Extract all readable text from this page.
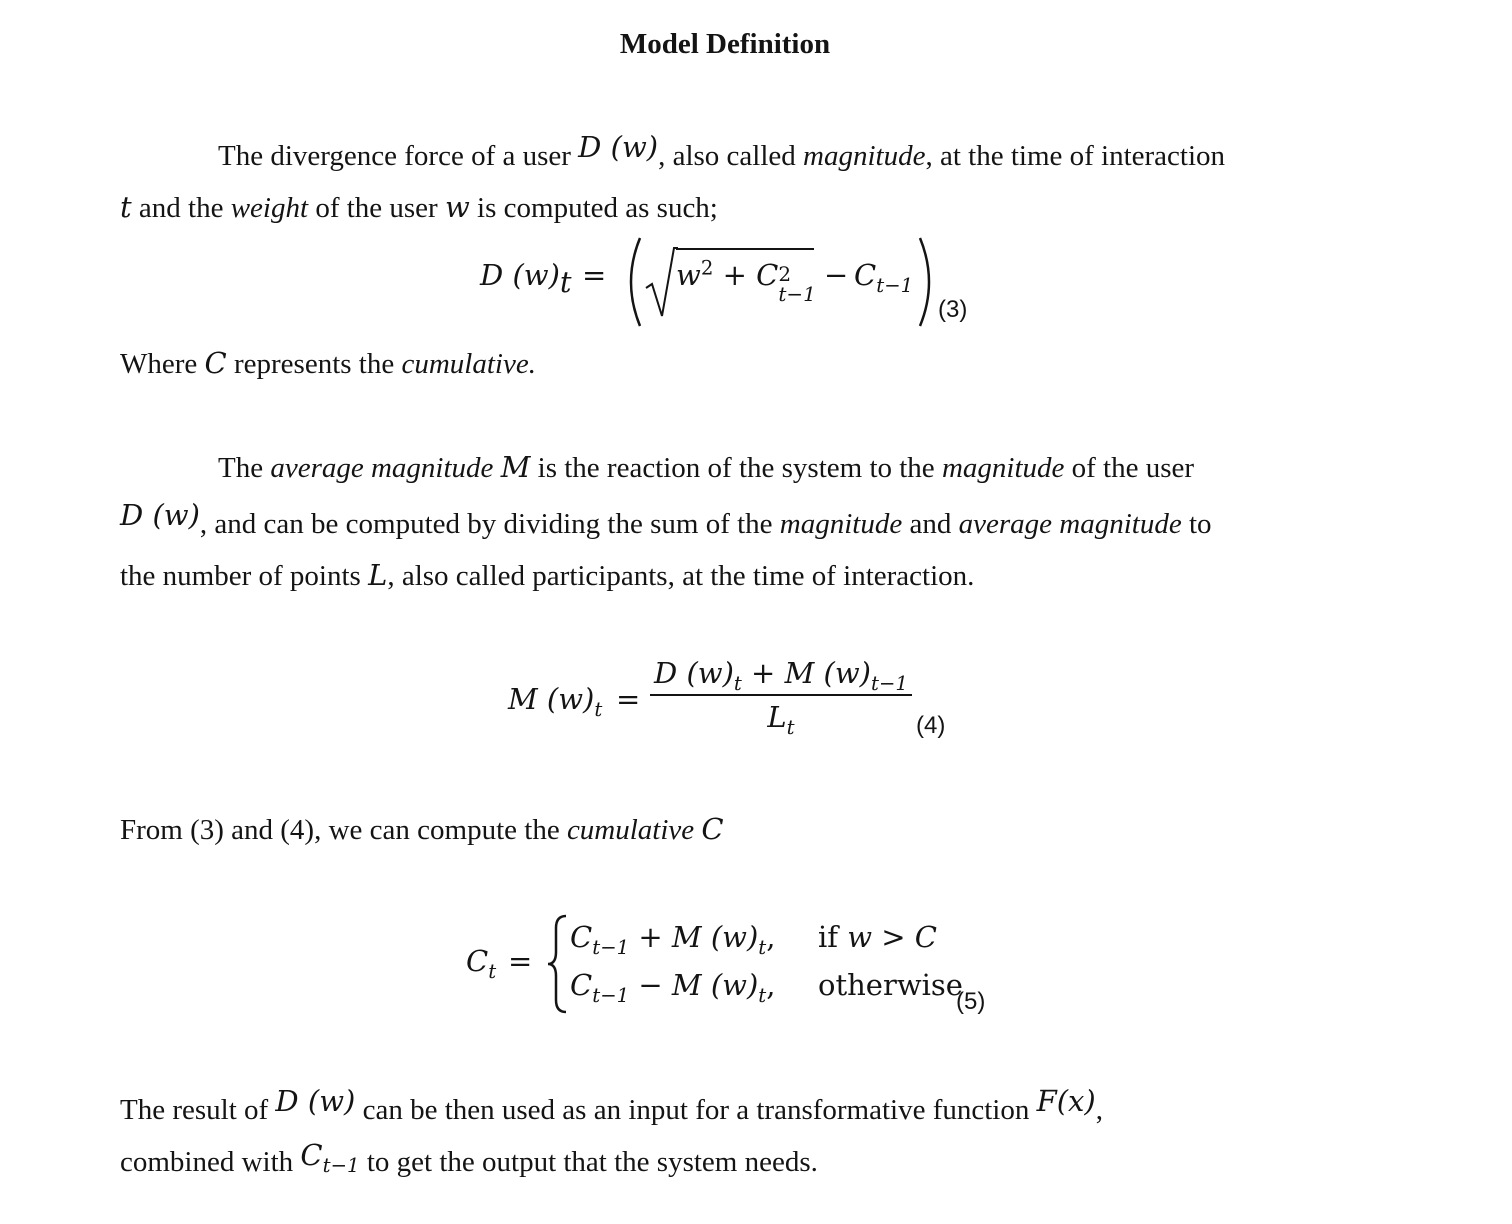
Model Definition
The divergence force of a user D (w), also called magnitude, at the time of interaction
t and the weight of the user w is computed as such;
D $(w)_t = w^2 + C$ 2
t−1
− $C_{t-1}$
(3)
Where C represents the cumulative.
The average magnitude M is the reaction of the system to the magnitude of the user
D (w), and can be computed by dividing the sum of the magnitude and average magnitude to
the number of points L, also called participants, at the time of interaction.
M $(w)_t = \frac{D (w)_t + M (w)_{t-1}}{L_t} (4)$
From (3) and (4), we can compute the cumulative C
$C_t$ =
$C_{t-1} + M$ $(w)_t$, if w > C
$C_{t-1} - M$ $(w)_t$, otherwise
(5)
The result of D (w) can be then used as an input for a transformative function F(x),
combined with $C_{t-1}$ to get the output that the system needs.
